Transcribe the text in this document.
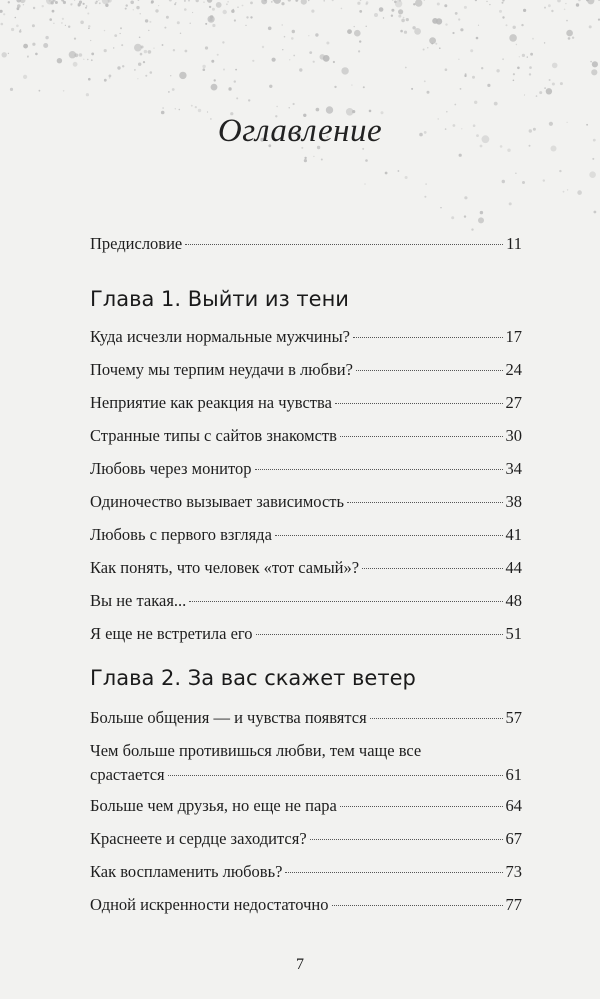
Оглавление
Предисловие	11
Глава 1. Выйти из тени
Куда исчезли нормальные мужчины?	17
Почему мы терпим неудачи в любви?	24
Неприятие как реакция на чувства	27
Странные типы с сайтов знакомств	30
Любовь через монитор	34
Одиночество вызывает зависимость	38
Любовь с первого взгляда	41
Как понять, что человек «тот самый»?	44
Вы не такая...	48
Я еще не встретила его	51
Глава 2. За вас скажет ветер
Больше общения — и чувства появятся	57
Чем больше противишься любви, тем чаще все
срастается	61
Больше чем друзья, но еще не пара	64
Краснеете и сердце заходится?	67
Как воспламенить любовь?	73
Одной искренности недостаточно	77
7
